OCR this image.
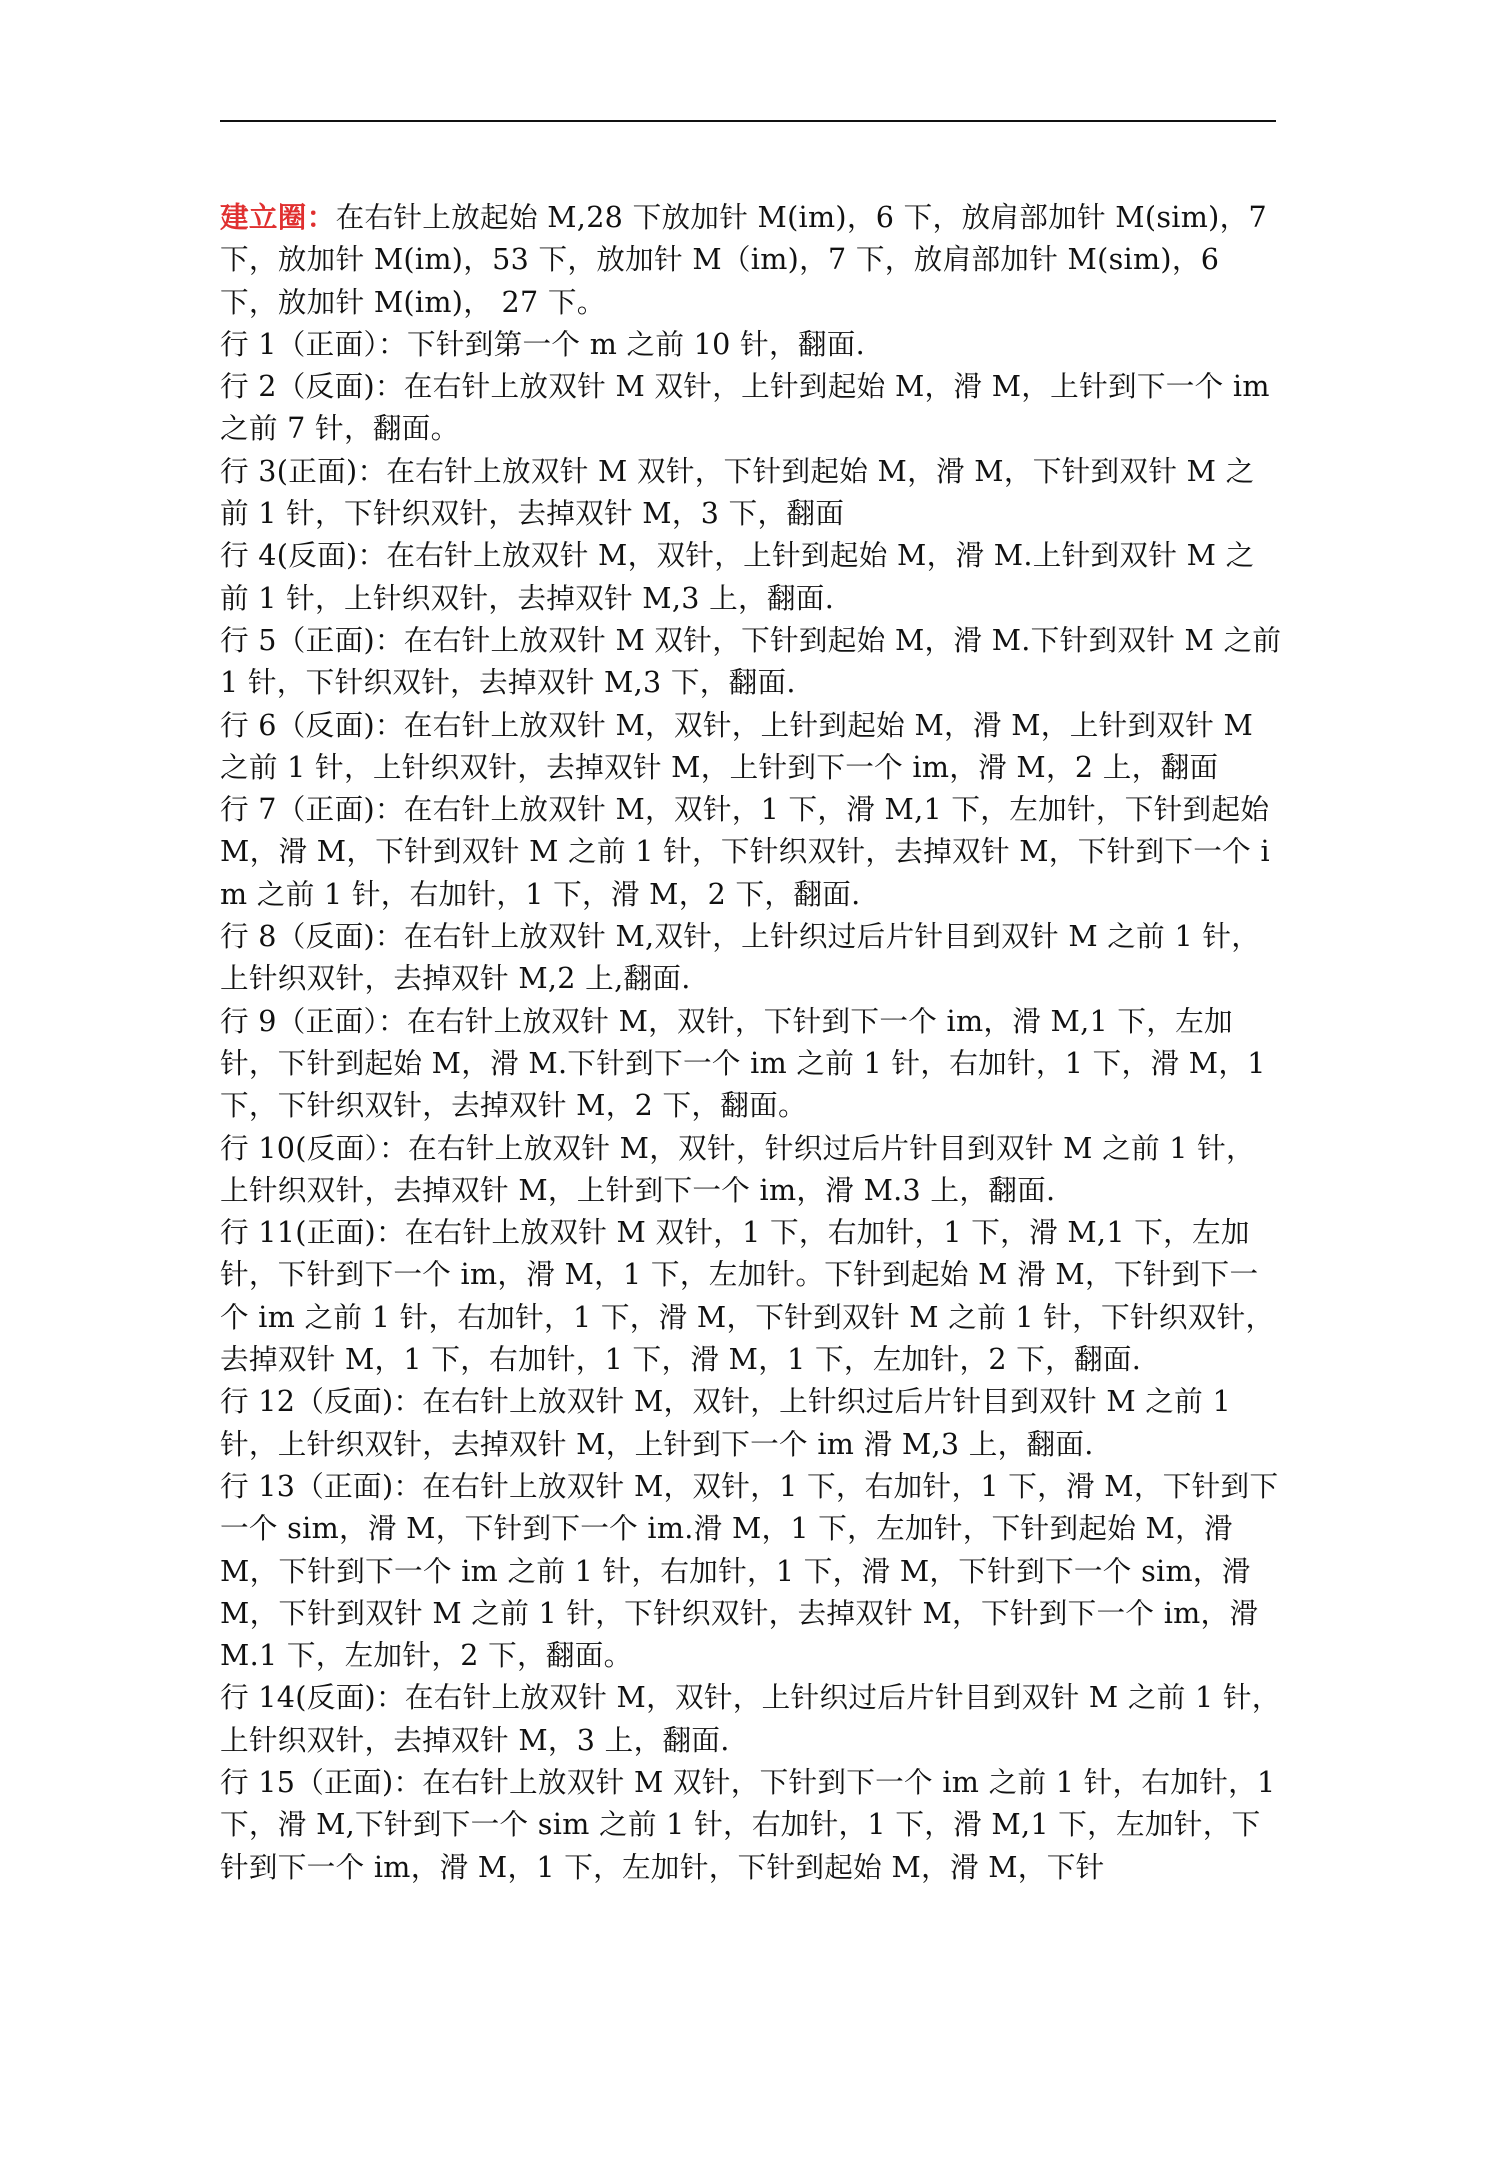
建立圈：在右针上放起始 M,28 下放加针 M(im)，6 下，放肩部加针 M(sim)，7 下，放加针 M(im)，53 下，放加针 M（im)，7 下，放肩部加针 M(sim)，6 下，放加针 M(im)， 27 下。

行 1（正面）：下针到第一个 m 之前 10 针，翻面.

行 2（反面)：在右针上放双针 M 双针，上针到起始 M，滑 M，上针到下一个 im 之前 7 针，翻面。

行 3(正面)：在右针上放双针 M 双针，下针到起始 M，滑 M，下针到双针 M 之前 1 针，下针织双针，去掉双针 M，3 下，翻面

行 4(反面)：在右针上放双针 M，双针，上针到起始 M，滑 M.上针到双针 M 之前 1 针，上针织双针，去掉双针 M,3 上，翻面.

行 5（正面)：在右针上放双针 M 双针，下针到起始 M，滑 M.下针到双针 M 之前 1 针，下针织双针，去掉双针 M,3 下，翻面.

行 6（反面)：在右针上放双针 M，双针，上针到起始 M，滑 M，上针到双针 M 之前 1 针，上针织双针，去掉双针 M，上针到下一个 im，滑 M，2 上，翻面

行 7（正面)：在右针上放双针 M，双针，1 下，滑 M,1 下，左加针，下针到起始 M，滑 M，下针到双针 M 之前 1 针，下针织双针，去掉双针 M，下针到下一个 im 之前 1 针，右加针，1 下，滑 M，2 下，翻面.

行 8（反面)：在右针上放双针 M,双针，上针织过后片针目到双针 M 之前 1 针，上针织双针，去掉双针 M,2 上,翻面.

行 9（正面）：在右针上放双针 M，双针，下针到下一个 im，滑 M,1 下，左加针，下针到起始 M，滑 M.下针到下一个 im 之前 1 针，右加针，1 下，滑 M，1 下，下针织双针，去掉双针 M，2 下，翻面。

行 10(反面）：在右针上放双针 M，双针，针织过后片针目到双针 M 之前 1 针，上针织双针，去掉双针 M，上针到下一个 im，滑 M.3 上，翻面.

行 11(正面)：在右针上放双针 M 双针，1 下，右加针，1 下，滑 M,1 下，左加针，下针到下一个 im，滑 M，1 下，左加针。下针到起始 M 滑 M，下针到下一个 im 之前 1 针，右加针，1 下，滑 M，下针到双针 M 之前 1 针，下针织双针，去掉双针 M，1 下，右加针，1 下，滑 M，1 下，左加针，2 下，翻面.

行 12（反面)：在右针上放双针 M，双针，上针织过后片针目到双针 M 之前 1 针，上针织双针，去掉双针 M，上针到下一个 im 滑 M,3 上，翻面.

行 13（正面)：在右针上放双针 M，双针，1 下，右加针，1 下，滑 M，下针到下一个 sim，滑 M，下针到下一个 im.滑 M，1 下，左加针，下针到起始 M，滑 M，下针到下一个 im 之前 1 针，右加针，1 下，滑 M，下针到下一个 sim，滑 M，下针到双针 M 之前 1 针，下针织双针，去掉双针 M，下针到下一个 im，滑 M.1 下，左加针，2 下，翻面。

行 14(反面)：在右针上放双针 M，双针，上针织过后片针目到双针 M 之前 1 针，上针织双针，去掉双针 M，3 上，翻面.

行 15（正面)：在右针上放双针 M 双针，下针到下一个 im 之前 1 针，右加针，1 下，滑 M,下针到下一个 sim 之前 1 针，右加针，1 下，滑 M,1 下，左加针，下针到下一个 im，滑 M，1 下，左加针，下针到起始 M，滑 M，下针
